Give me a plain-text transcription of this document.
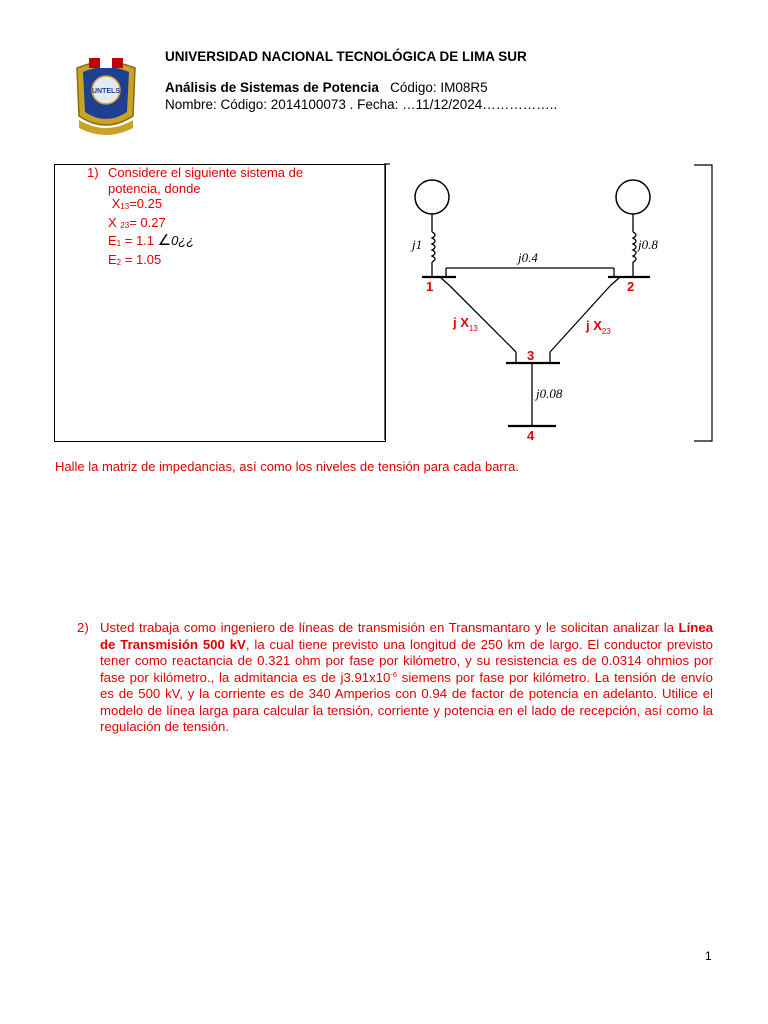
UNTELS
UNIVERSIDAD NACIONAL TECNOLÓGICA DE LIMA SUR
Análisis de Sistemas de Potencia Código: IM08R5
Nombre: Código: 2014100073 . Fecha: …11/12/2024……………..
1) Considere el siguiente sistema de potencia, donde
$X_{13}=0.25$
X $_{23}$= 0.27
$E_1 = 1.1$ ∠0¿¿
$E_2 = 1.05$
j1	j0.8
j0.4
1	2
j $X_{13}$	j $X_{23}$
3
j0.08
4
Halle la matriz de impedancias, así como los niveles de tensión para cada barra.
2) Usted trabaja como ingeniero de líneas de transmisión en Transmantaro y le solicitan analizar la Línea de Transmisión 500 kV, la cual tiene previsto una longitud de 250 km de largo. El conductor previsto tener como reactancia de 0.321 ohm por fase por kilómetro, y su resistencia es de 0.0314 ohmios por fase por kilómetro., la admitancia es de $j3.91x10^{-6}$ siemens por fase por kilómetro. La tensión de envío es de 500 kV, y la corriente es de 340 Amperios con 0.94 de factor de potencia en adelanto. Utilice el modelo de línea larga para calcular la tensión, corriente y potencia en el lado de recepción, así como la regulación de tensión.
1
